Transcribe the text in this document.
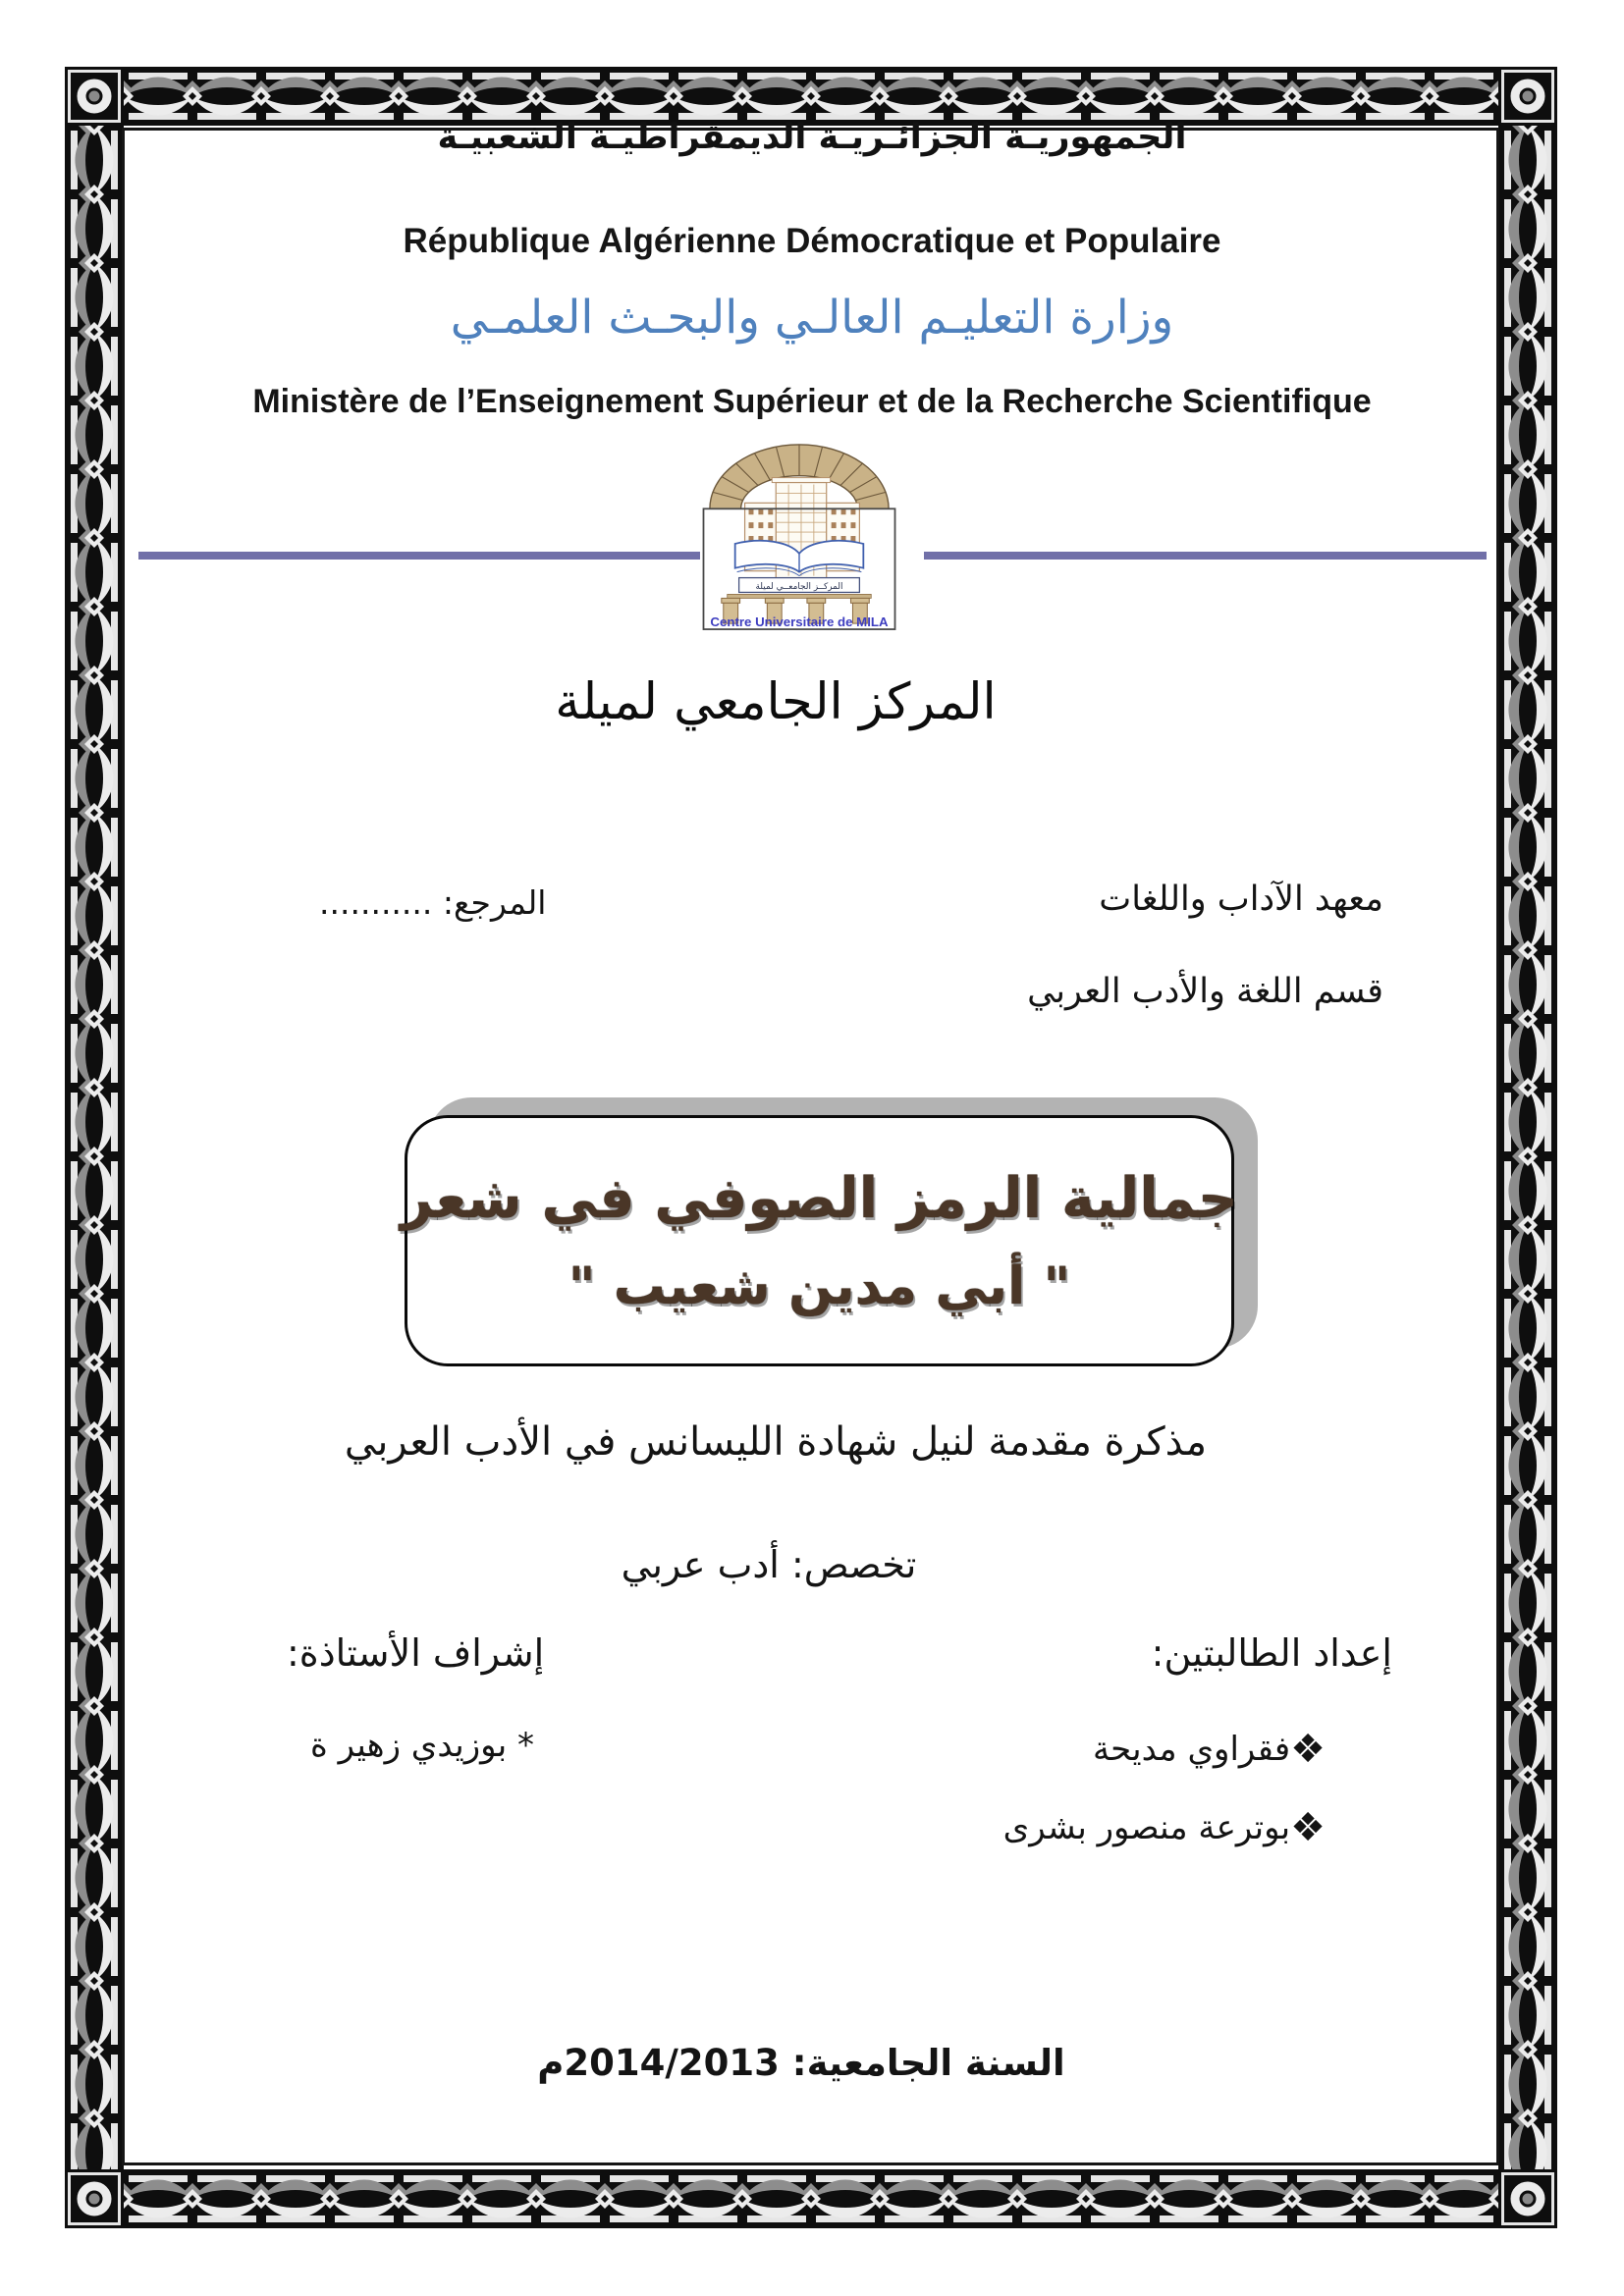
الجمهوريـة الجزائـريـة الديمقراطيـة الشعبيـة
République Algérienne Démocratique et Populaire
وزارة التعليـم العالـي والبحـث العلمـي
Ministère de l’Enseignement Supérieur et de la Recherche Scientifique
المركــز الجامعــي لميلة
Centre Universitaire de MILA
المركز الجامعي لميلة
معهد الآداب واللغات
المرجع: ...........
قسم اللغة والأدب العربي
جمالية الرمز الصوفي في شعر
" أبي مدين شعيب "
مذكرة مقدمة لنيل شهادة الليسانس في الأدب العربي
تخصص: أدب عربي
إعداد الطالبتين:
إشراف الأستاذة:
❖فقراوي مديحة
❖بوترعة منصور بشرى
* بوزيدي زهير ة
السنة الجامعية: 2014/2013م
